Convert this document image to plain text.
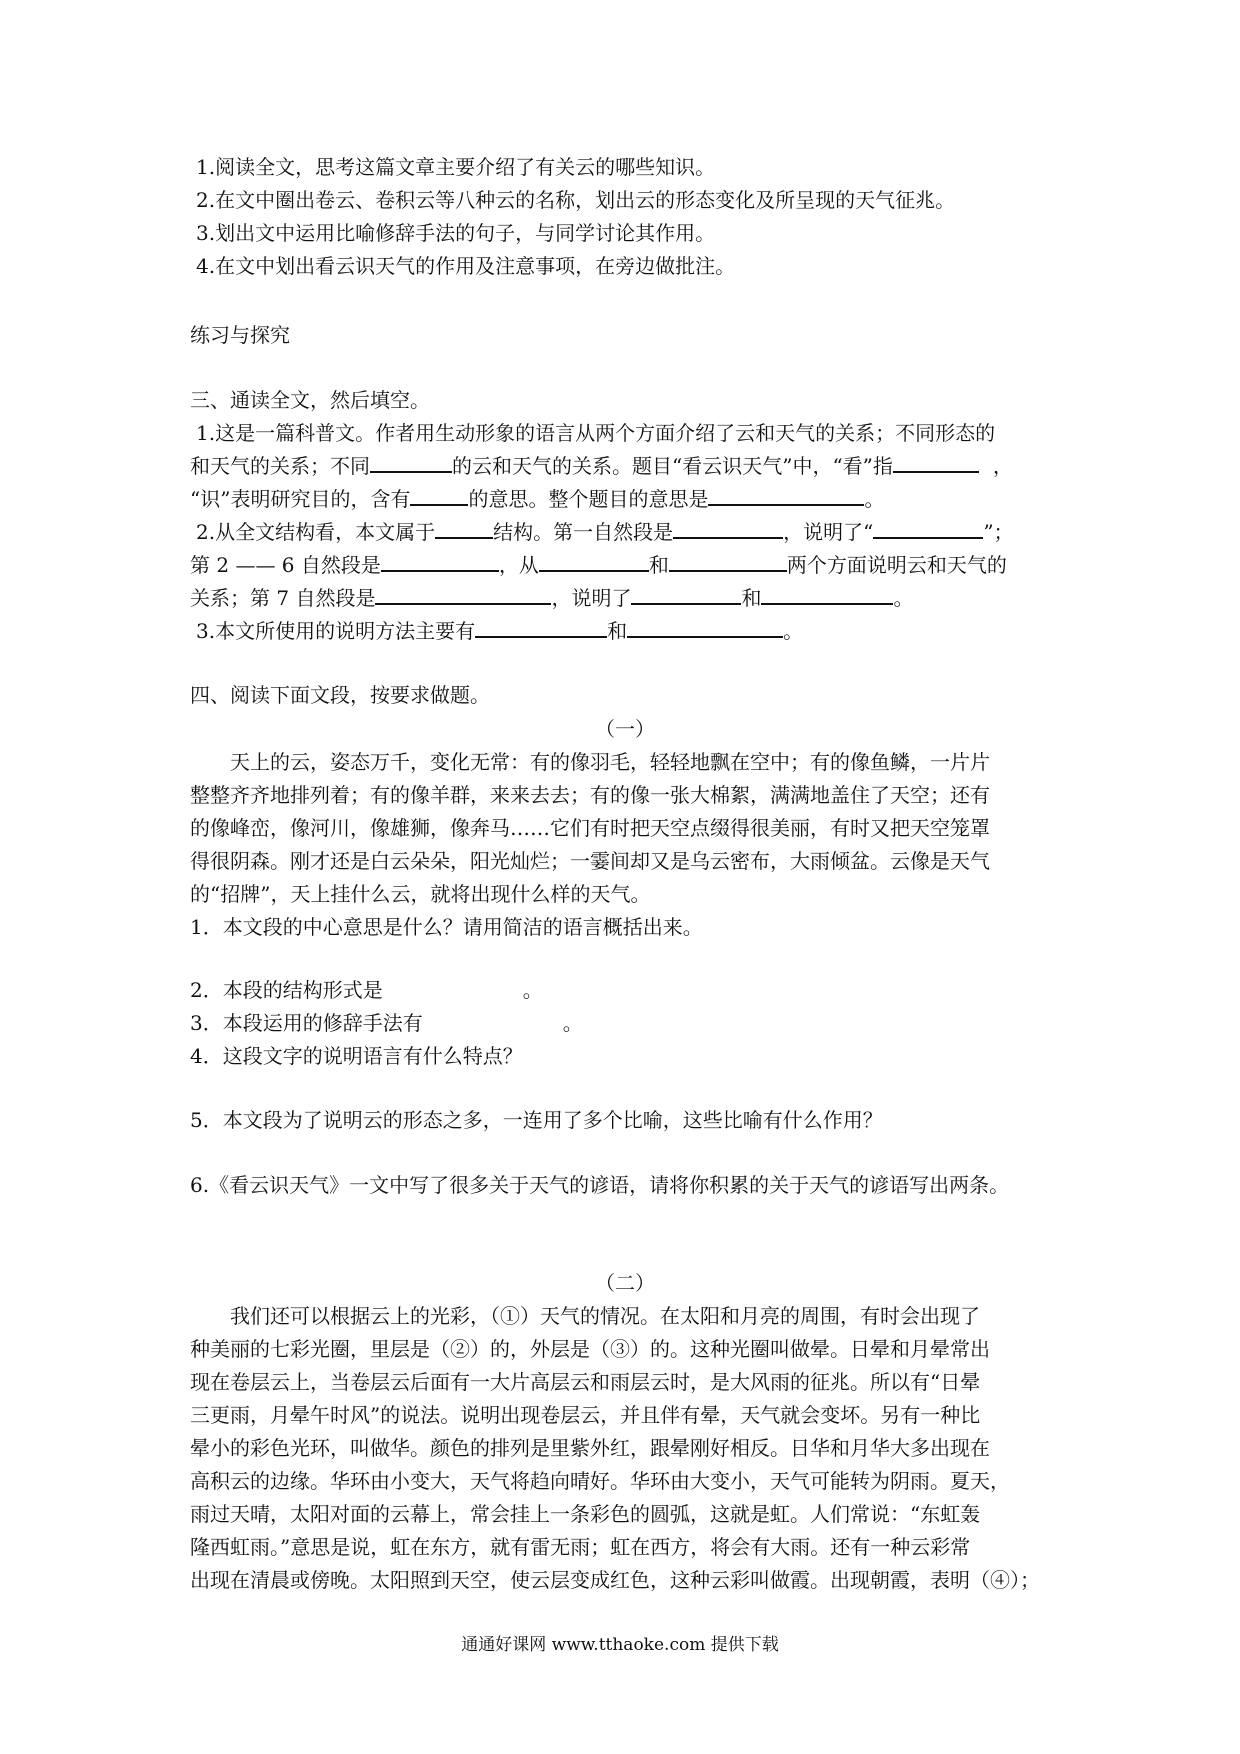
1.阅读全文，思考这篇文章主要介绍了有关云的哪些知识。
2.在文中圈出卷云、卷积云等八种云的名称，划出云的形态变化及所呈现的天气征兆。
3.划出文中运用比喻修辞手法的句子，与同学讨论其作用。
4.在文中划出看云识天气的作用及注意事项，在旁边做批注。
练习与探究
三、通读全文，然后填空。
1.这是一篇科普文。作者用生动形象的语言从两个方面介绍了云和天气的关系；不同形态的
和天气的关系；不同	的云和天气的关系。题目“看云识天气”中，“看”指	，
“识”表明研究目的，含有	的意思。整个题目的意思是	。
2.从全文结构看，本文属于	结构。第一自然段是	，说明了“	”；
第 2 —— 6 自然段是	，从	和	两个方面说明云和天气的
关系；第 7 自然段是	，说明了	和	。
3.本文所使用的说明方法主要有	和	。
四、阅读下面文段，按要求做题。
（一）
天上的云，姿态万千，变化无常：有的像羽毛，轻轻地飘在空中；有的像鱼鳞，一片片
整整齐齐地排列着；有的像羊群，来来去去；有的像一张大棉絮，满满地盖住了天空；还有
的像峰峦，像河川，像雄狮，像奔马……它们有时把天空点缀得很美丽，有时又把天空笼罩
得很阴森。刚才还是白云朵朵，阳光灿烂；一霎间却又是乌云密布，大雨倾盆。云像是天气
的“招牌”，天上挂什么云，就将出现什么样的天气。
1．本文段的中心意思是什么？请用简洁的语言概括出来。
2．本段的结构形式是	。
3．本段运用的修辞手法有	。
4．这段文字的说明语言有什么特点？
5．本文段为了说明云的形态之多，一连用了多个比喻，这些比喻有什么作用？
6.《看云识天气》一文中写了很多关于天气的谚语，请将你积累的关于天气的谚语写出两条。
（二）
我们还可以根据云上的光彩，（①）天气的情况。在太阳和月亮的周围，有时会出现了
种美丽的七彩光圈，里层是（②）的，外层是（③）的。这种光圈叫做晕。日晕和月晕常出
现在卷层云上，当卷层云后面有一大片高层云和雨层云时，是大风雨的征兆。所以有“日晕
三更雨，月晕午时风”的说法。说明出现卷层云，并且伴有晕，天气就会变坏。另有一种比
晕小的彩色光环，叫做华。颜色的排列是里紫外红，跟晕刚好相反。日华和月华大多出现在
高积云的边缘。华环由小变大，天气将趋向晴好。华环由大变小，天气可能转为阴雨。夏天，
雨过天晴，太阳对面的云幕上，常会挂上一条彩色的圆弧，这就是虹。人们常说：“东虹轰
隆西虹雨。”意思是说，虹在东方，就有雷无雨；虹在西方，将会有大雨。还有一种云彩常
出现在清晨或傍晚。太阳照到天空，使云层变成红色，这种云彩叫做霞。出现朝霞，表明（④）；
通通好课网 www.tthaoke.com 提供下载
